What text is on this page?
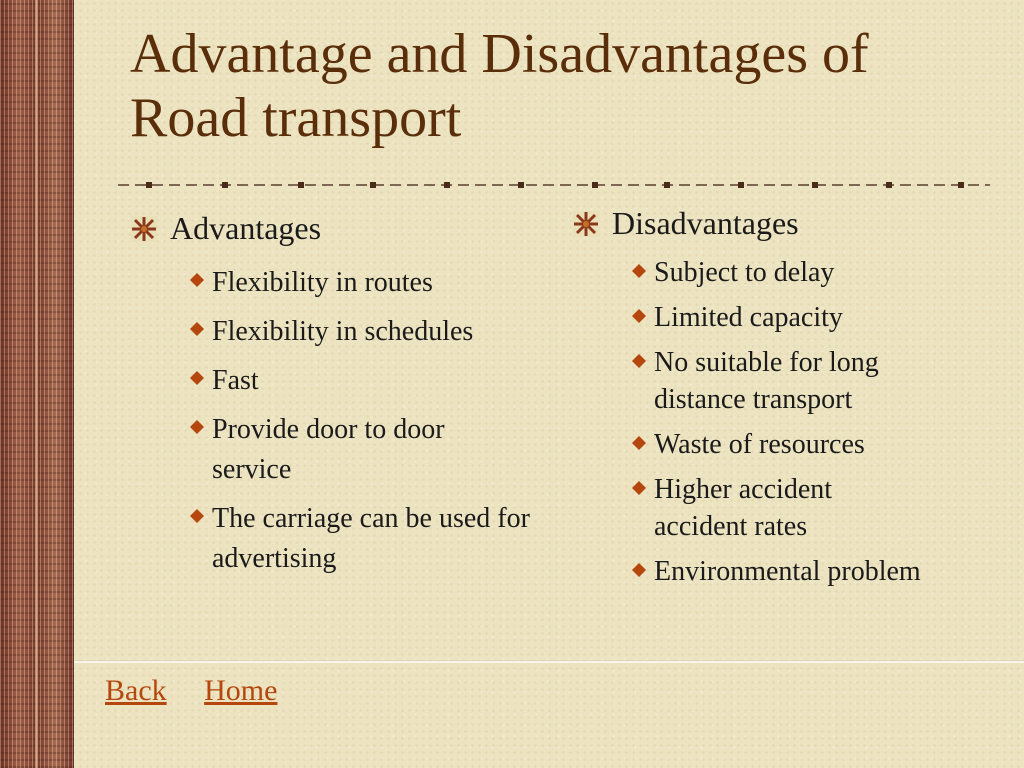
Advantage and Disadvantages of
Road transport
Advantages
Flexibility in routes
Flexibility in schedules
Fast
Provide door to door service
The carriage can be used for advertising
Disadvantages
Subject to delay
Limited capacity
No suitable for long distance transport
Waste of resources
Higher accident accident rates
Environmental problem
Back Home
